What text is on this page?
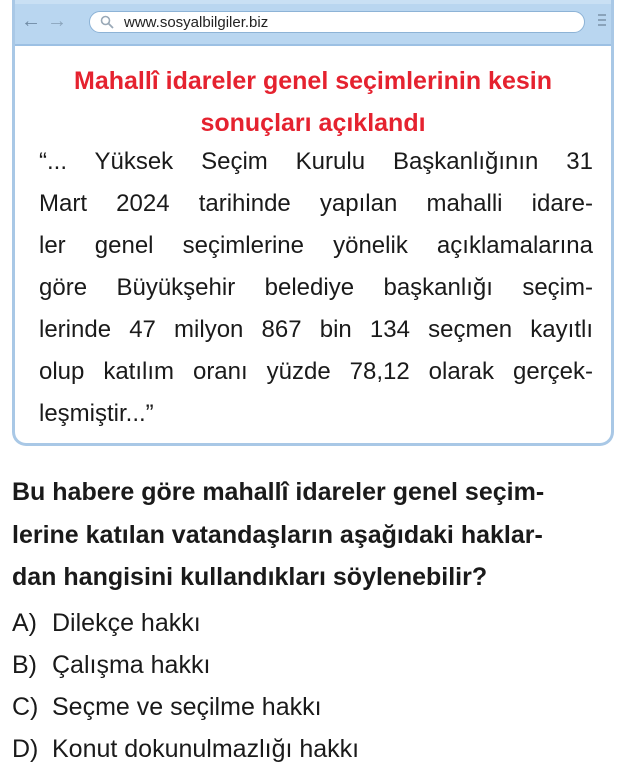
← →	www.sosyalbilgiler.biz
Mahallî idareler genel seçimlerinin kesin
sonuçları açıklandı
“... Yüksek Seçim Kurulu Başkanlığının 31
Mart 2024 tarihinde yapılan mahalli idare-
ler genel seçimlerine yönelik açıklamalarına
göre Büyükşehir belediye başkanlığı seçim-
lerinde 47 milyon 867 bin 134 seçmen kayıtlı
olup katılım oranı yüzde 78,12 olarak gerçek-
leşmiştir...”
Bu habere göre mahallî idareler genel seçim-
lerine katılan vatandaşların aşağıdaki haklar-
dan hangisini kullandıkları söylenebilir?
A) Dilekçe hakkı
B) Çalışma hakkı
C) Seçme ve seçilme hakkı
D) Konut dokunulmazlığı hakkı
